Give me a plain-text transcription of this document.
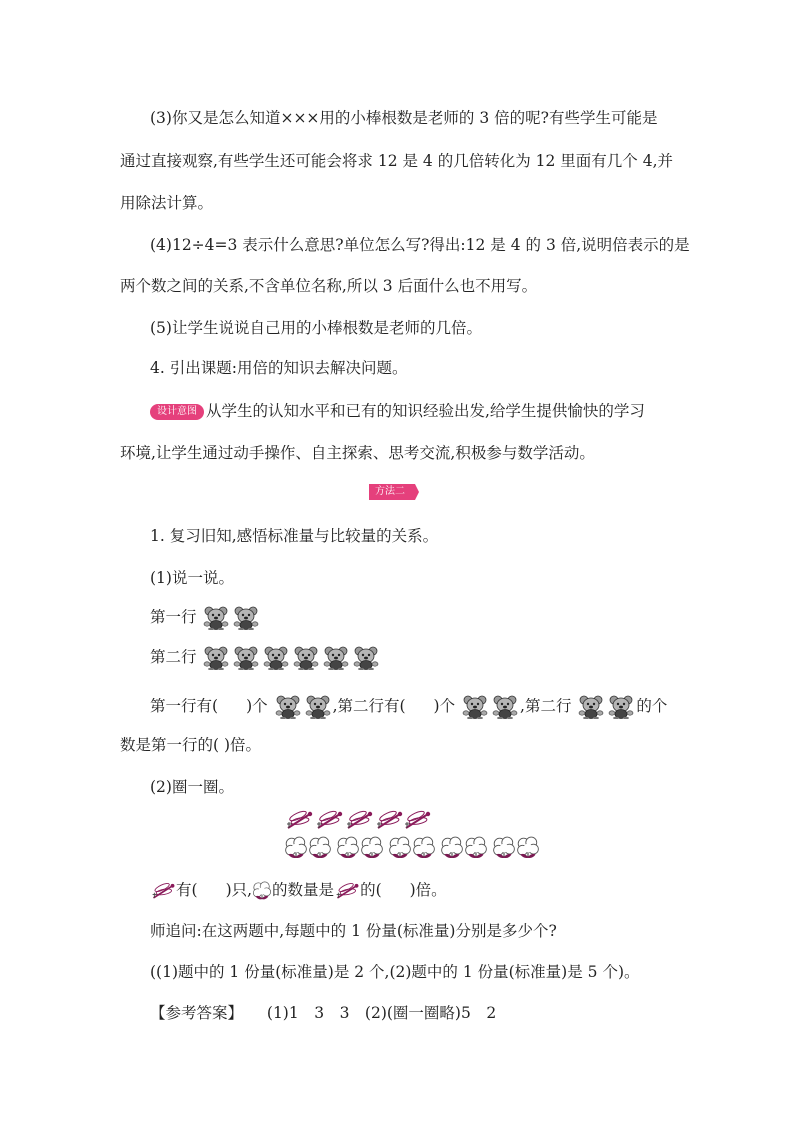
(3)你又是怎么知道×××用的小棒根数是老师的 3 倍的呢?有些学生可能是
通过直接观察,有些学生还可能会将求 12 是 4 的几倍转化为 12 里面有几个 4,并
用除法计算。
(4)12÷4=3 表示什么意思?单位怎么写?得出:12 是 4 的 3 倍,说明倍表示的是
两个数之间的关系,不含单位名称,所以 3 后面什么也不用写。
(5)让学生说说自己用的小棒根数是老师的几倍。
4. 引出课题:用倍的知识去解决问题。
设计意图 从学生的认知水平和已有的知识经验出发,给学生提供愉快的学习
环境,让学生通过动手操作、自主探索、思考交流,积极参与数学活动。
方法二
1. 复习旧知,感悟标准量与比较量的关系。
(1)说一说。
第一行
第二行
第一行有( )个	,第二行有( )个	,第二行	的个
数是第一行的( )倍。
(2)圈一圈。
有( )只, 的数量是 的( )倍。
师追问:在这两题中,每题中的 1 份量(标准量)分别是多少个?
((1)题中的 1 份量(标准量)是 2 个,(2)题中的 1 份量(标准量)是 5 个)。
【参考答案】 (1)1　3　3　(2)(圈一圈略)5　2
